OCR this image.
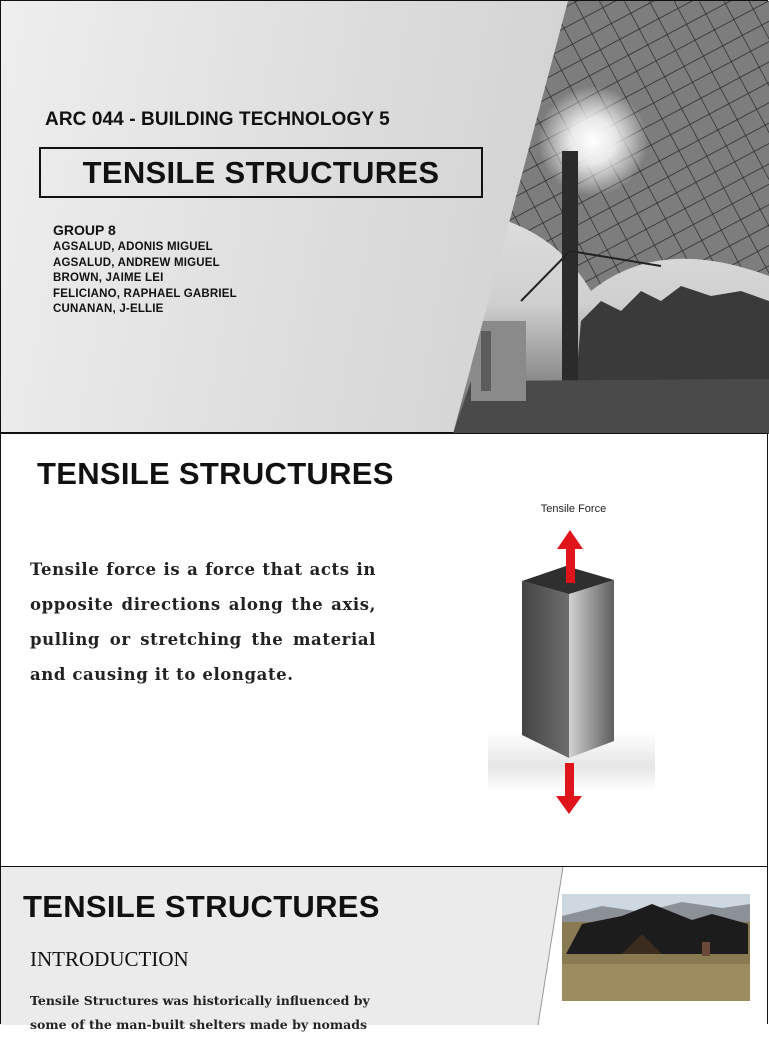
ARC 044 - BUILDING TECHNOLOGY 5
TENSILE STRUCTURES
GROUP 8
AGSALUD, ADONIS MIGUEL
AGSALUD, ANDREW MIGUEL
BROWN, JAIME LEI
FELICIANO, RAPHAEL GABRIEL
CUNANAN, J-ELLIE
TENSILE STRUCTURES

Tensile force is a force that acts in opposite directions along the axis, pulling or stretching the material and causing it to elongate.

Tensile Force
TENSILE STRUCTURES
INTRODUCTION

Tensile Structures was historically influenced by some of the man-built shelters made by nomads
